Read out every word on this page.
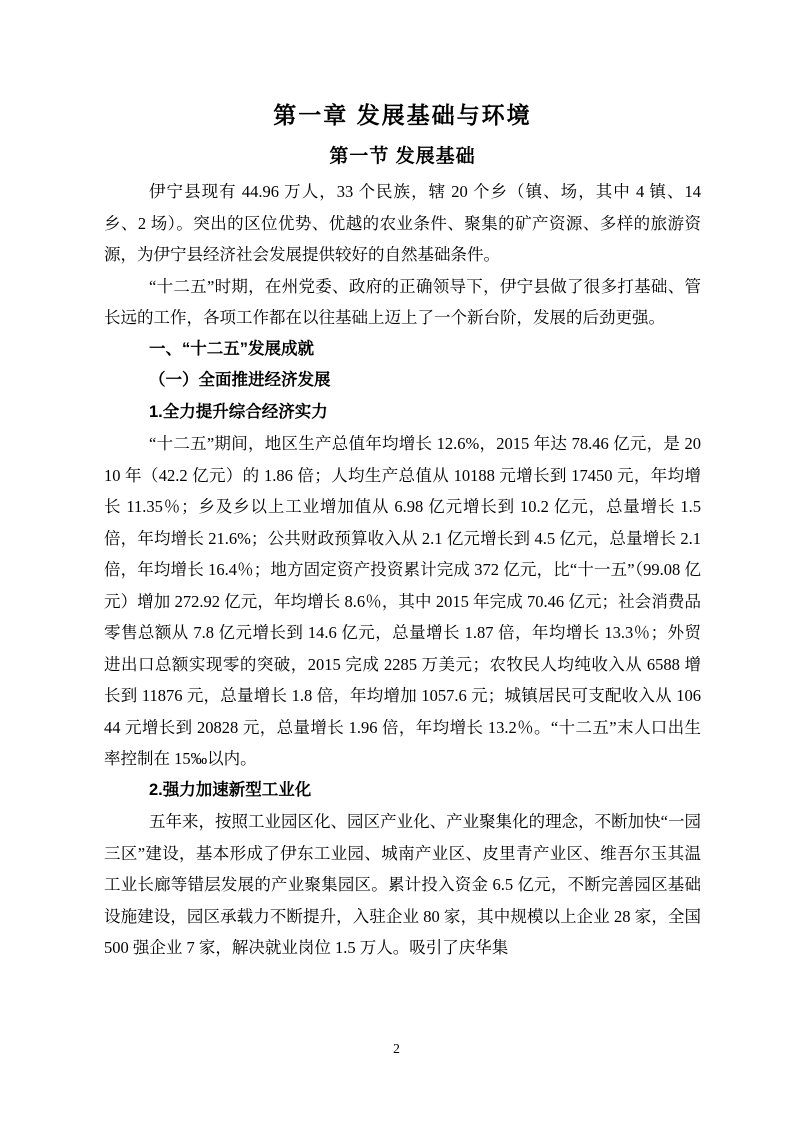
第一章 发展基础与环境
第一节 发展基础

伊宁县现有 44.96 万人，33 个民族，辖 20 个乡（镇、场，其中 4 镇、14 乡、2 场）。突出的区位优势、优越的农业条件、聚集的矿产资源、多样的旅游资源，为伊宁县经济社会发展提供较好的自然基础条件。

“十二五”时期，在州党委、政府的正确领导下，伊宁县做了很多打基础、管长远的工作，各项工作都在以往基础上迈上了一个新台阶，发展的后劲更强。

一、“十二五”发展成就
（一）全面推进经济发展
1.全力提升综合经济实力

“十二五”期间，地区生产总值年均增长 12.6%，2015 年达 78.46 亿元，是 2010 年（42.2 亿元）的 1.86 倍；人均生产总值从 10188 元增长到 17450 元，年均增长 11.35％；乡及乡以上工业增加值从 6.98 亿元增长到 10.2 亿元，总量增长 1.5 倍，年均增长 21.6%；公共财政预算收入从 2.1 亿元增长到 4.5 亿元，总量增长 2.1 倍，年均增长 16.4％；地方固定资产投资累计完成 372 亿元，比“十一五”（99.08 亿元）增加 272.92 亿元，年均增长 8.6％，其中 2015 年完成 70.46 亿元；社会消费品零售总额从 7.8 亿元增长到 14.6 亿元，总量增长 1.87 倍，年均增长 13.3％；外贸进出口总额实现零的突破，2015 完成 2285 万美元；农牧民人均纯收入从 6588 增长到 11876 元，总量增长 1.8 倍，年均增加 1057.6 元；城镇居民可支配收入从 10644 元增长到 20828 元，总量增长 1.96 倍，年均增长 13.2％。“十二五”末人口出生率控制在 15‰以内。

2.强力加速新型工业化

五年来，按照工业园区化、园区产业化、产业聚集化的理念，不断加快“一园三区”建设，基本形成了伊东工业园、城南产业区、皮里青产业区、维吾尔玉其温工业长廊等错层发展的产业聚集园区。累计投入资金 6.5 亿元，不断完善园区基础设施建设，园区承载力不断提升，入驻企业 80 家，其中规模以上企业 28 家，全国 500 强企业 7 家，解决就业岗位 1.5 万人。吸引了庆华集

2
